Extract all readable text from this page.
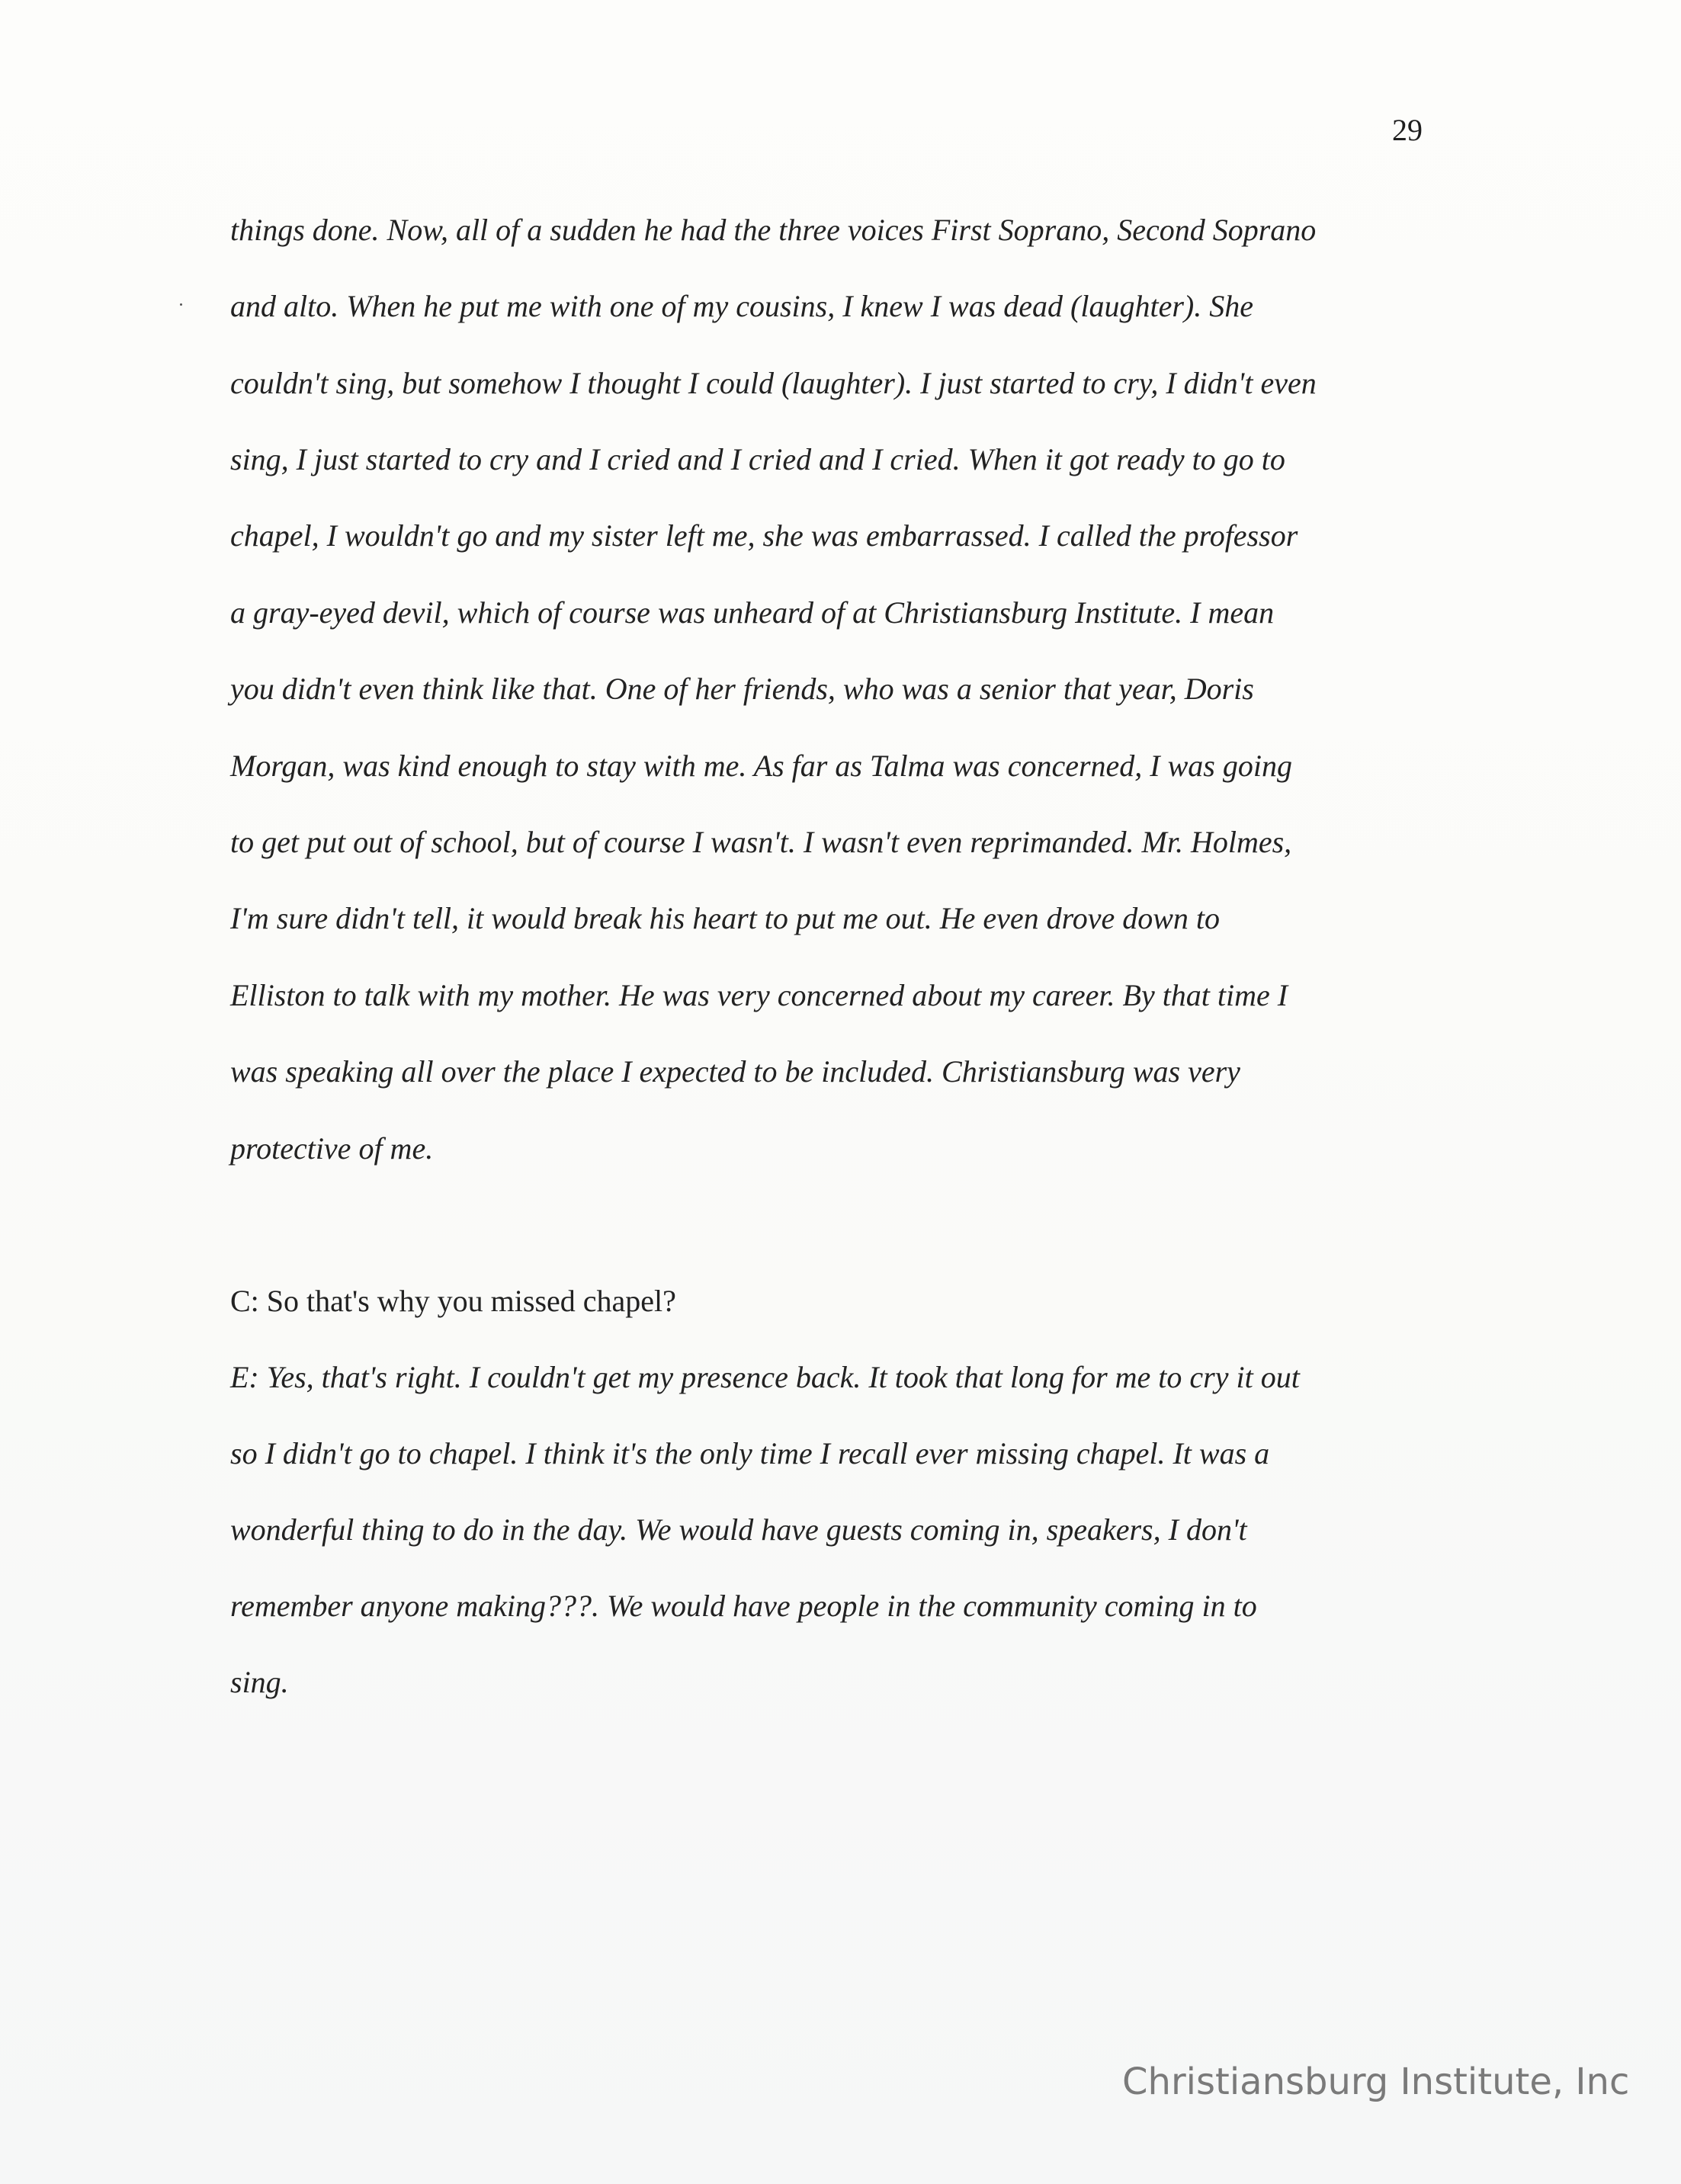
29
things done. Now, all of a sudden he had the three voices First Soprano, Second Soprano
and alto. When he put me with one of my cousins, I knew I was dead (laughter). She
couldn't sing, but somehow I thought I could (laughter). I just started to cry, I didn't even
sing, I just started to cry and I cried and I cried and I cried. When it got ready to go to
chapel, I wouldn't go and my sister left me, she was embarrassed. I called the professor
a gray-eyed devil, which of course was unheard of at Christiansburg Institute. I mean
you didn't even think like that. One of her friends, who was a senior that year, Doris
Morgan, was kind enough to stay with me. As far as Talma was concerned, I was going
to get put out of school, but of course I wasn't. I wasn't even reprimanded. Mr. Holmes,
I'm sure didn't tell, it would break his heart to put me out. He even drove down to
Elliston to talk with my mother. He was very concerned about my career. By that time I
was speaking all over the place I expected to be included. Christiansburg was very
protective of me.
C: So that's why you missed chapel?
E: Yes, that's right. I couldn't get my presence back. It took that long for me to cry it out
so I didn't go to chapel. I think it's the only time I recall ever missing chapel. It was a
wonderful thing to do in the day. We would have guests coming in, speakers, I don't
remember anyone making???. We would have people in the community coming in to
sing.
Christiansburg Institute, Inc
